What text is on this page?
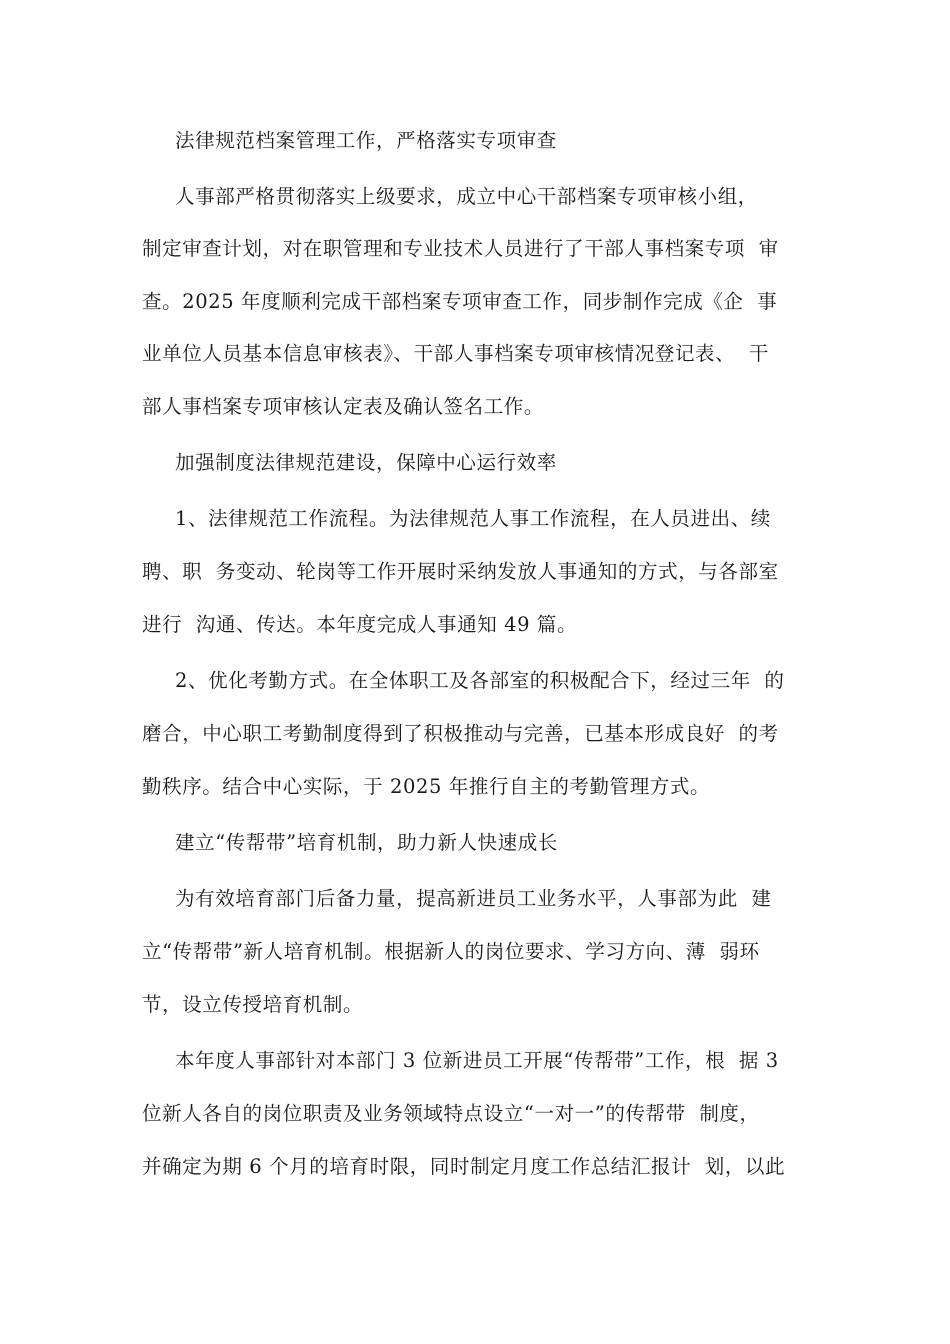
法律规范档案管理工作，严格落实专项审查
人事部严格贯彻落实上级要求，成立中心干部档案专项审核小组，
制定审查计划，对在职管理和专业技术人员进行了干部人事档案专项  审
查。2025 年度顺利完成干部档案专项审查工作，同步制作完成《企  事
业单位人员基本信息审核表》、干部人事档案专项审核情况登记表、  干
部人事档案专项审核认定表及确认签名工作。
加强制度法律规范建设，保障中心运行效率
1、法律规范工作流程。为法律规范人事工作流程，在人员进出、续
聘、职  务变动、轮岗等工作开展时采纳发放人事通知的方式，与各部室
进行  沟通、传达。本年度完成人事通知 49 篇。
2、优化考勤方式。在全体职工及各部室的积极配合下，经过三年  的
磨合，中心职工考勤制度得到了积极推动与完善，已基本形成良好  的考
勤秩序。结合中心实际，于 2025 年推行自主的考勤管理方式。
建立“传帮带”培育机制，助力新人快速成长
为有效培育部门后备力量，提高新进员工业务水平，人事部为此  建
立“传帮带”新人培育机制。根据新人的岗位要求、学习方向、薄  弱环
节，设立传授培育机制。
本年度人事部针对本部门 3 位新进员工开展“传帮带”工作，根  据 3
位新人各自的岗位职责及业务领域特点设立“一对一”的传帮带  制度，
并确定为期 6 个月的培育时限，同时制定月度工作总结汇报计  划，以此
